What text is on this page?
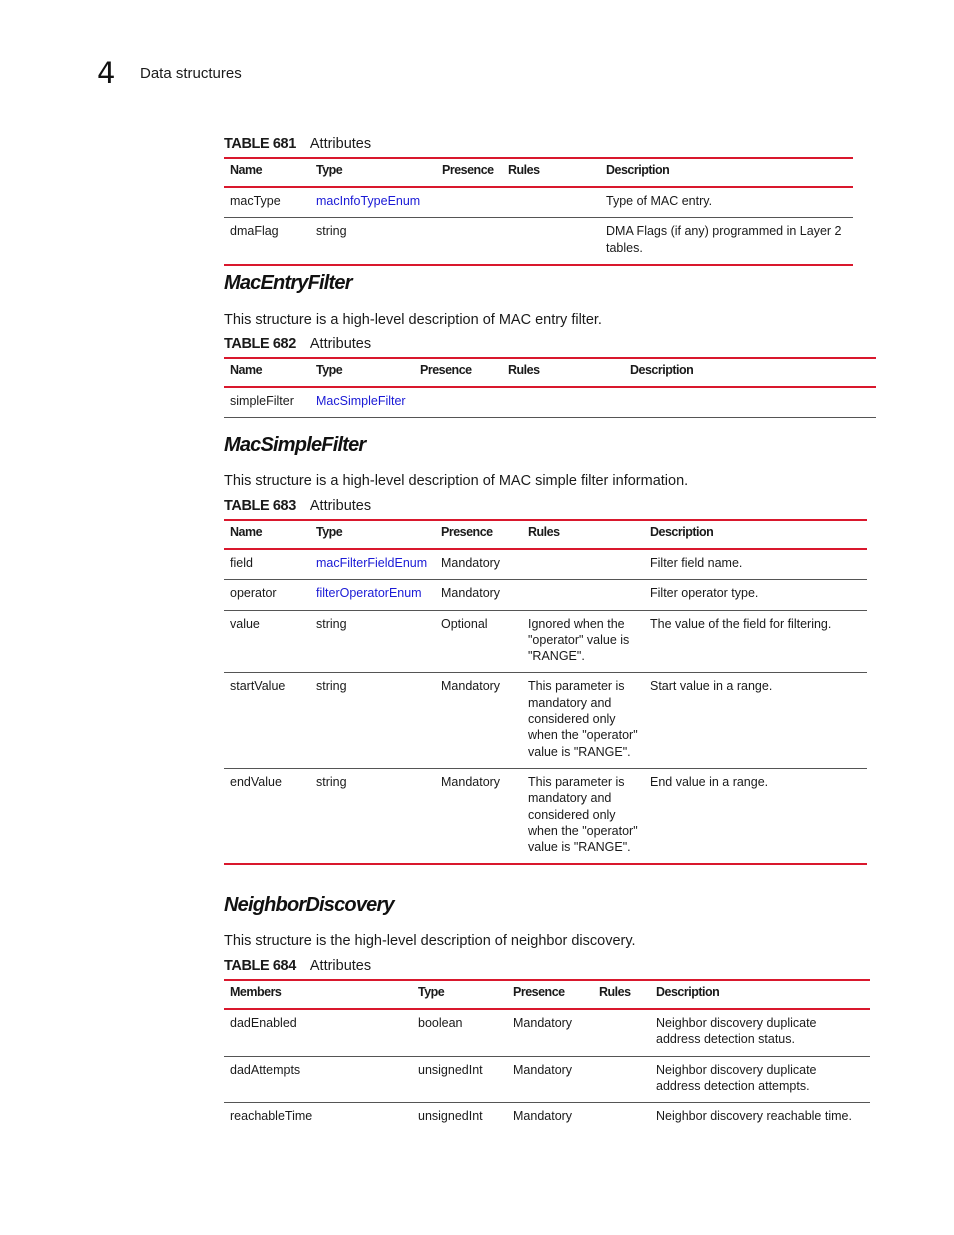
4 Data structures
TABLE 681 Attributes
Name	Type	Presence	Rules	Description
macType	macInfoTypeEnum			Type of MAC entry.
dmaFlag	string			DMA Flags (if any) programmed in Layer 2 tables.
MacEntryFilter
This structure is a high-level description of MAC entry filter.
TABLE 682 Attributes
Name	Type	Presence	Rules	Description
simpleFilter	MacSimpleFilter			
MacSimpleFilter
This structure is a high-level description of MAC simple filter information.
TABLE 683 Attributes
Name	Type	Presence	Rules	Description
field	macFilterFieldEnum	Mandatory		Filter field name.
operator	filterOperatorEnum	Mandatory		Filter operator type.
value	string	Optional	Ignored when the "operator" value is "RANGE".	The value of the field for filtering.
startValue	string	Mandatory	This parameter is mandatory and considered only when the "operator" value is "RANGE".	Start value in a range.
endValue	string	Mandatory	This parameter is mandatory and considered only when the "operator" value is "RANGE".	End value in a range.
NeighborDiscovery
This structure is the high-level description of neighbor discovery.
TABLE 684 Attributes
Members	Type	Presence	Rules	Description
dadEnabled	boolean	Mandatory		Neighbor discovery duplicate address detection status.
dadAttempts	unsignedInt	Mandatory		Neighbor discovery duplicate address detection attempts.
reachableTime	unsignedInt	Mandatory		Neighbor discovery reachable time.
